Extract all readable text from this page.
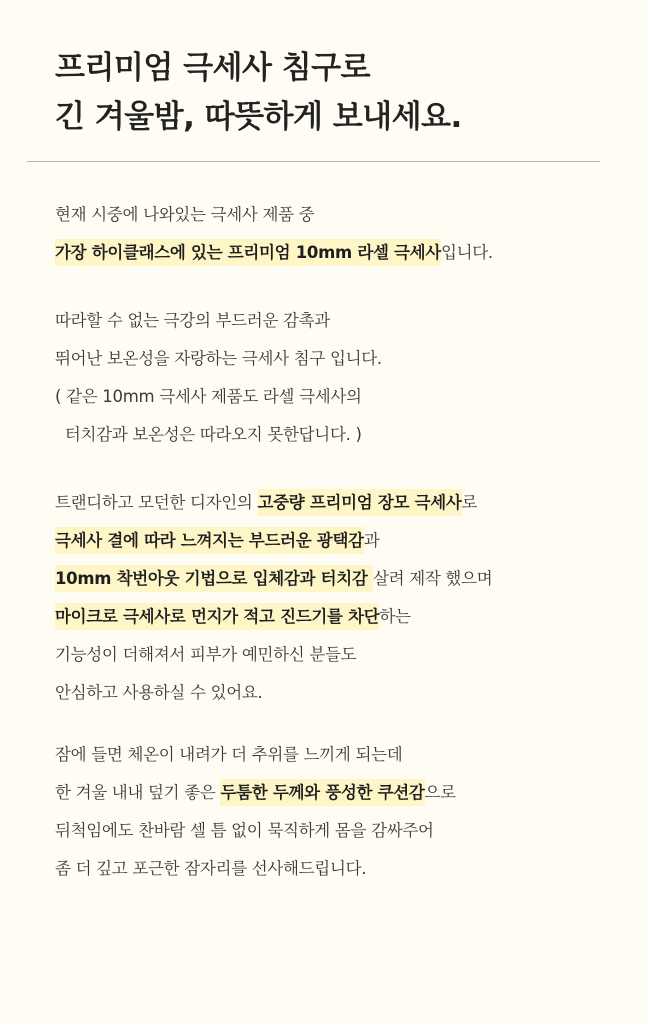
프리미엄 극세사 침구로
긴 겨울밤, 따뜻하게 보내세요.
현재 시중에 나와있는 극세사 제품 중
가장 하이클래스에 있는 프리미엄 10mm 라셀 극세사입니다.
따라할 수 없는 극강의 부드러운 감촉과
뛰어난 보온성을 자랑하는 극세사 침구 입니다.
( 같은 10mm 극세사 제품도 라셀 극세사의
터치감과 보온성은 따라오지 못한답니다. )
트랜디하고 모던한 디자인의 고중량 프리미엄 장모 극세사로
극세사 결에 따라 느껴지는 부드러운 광택감과
10mm 착번아웃 기법으로 입체감과 터치감 살려 제작 했으며
마이크로 극세사로 먼지가 적고 진드기를 차단하는
기능성이 더해져서 피부가 예민하신 분들도
안심하고 사용하실 수 있어요.
잠에 들면 체온이 내려가 더 추위를 느끼게 되는데
한 겨울 내내 덮기 좋은 두툼한 두께와 풍성한 쿠션감으로
뒤척임에도 찬바람 셀 틈 없이 묵직하게 몸을 감싸주어
좀 더 깊고 포근한 잠자리를 선사해드립니다.
